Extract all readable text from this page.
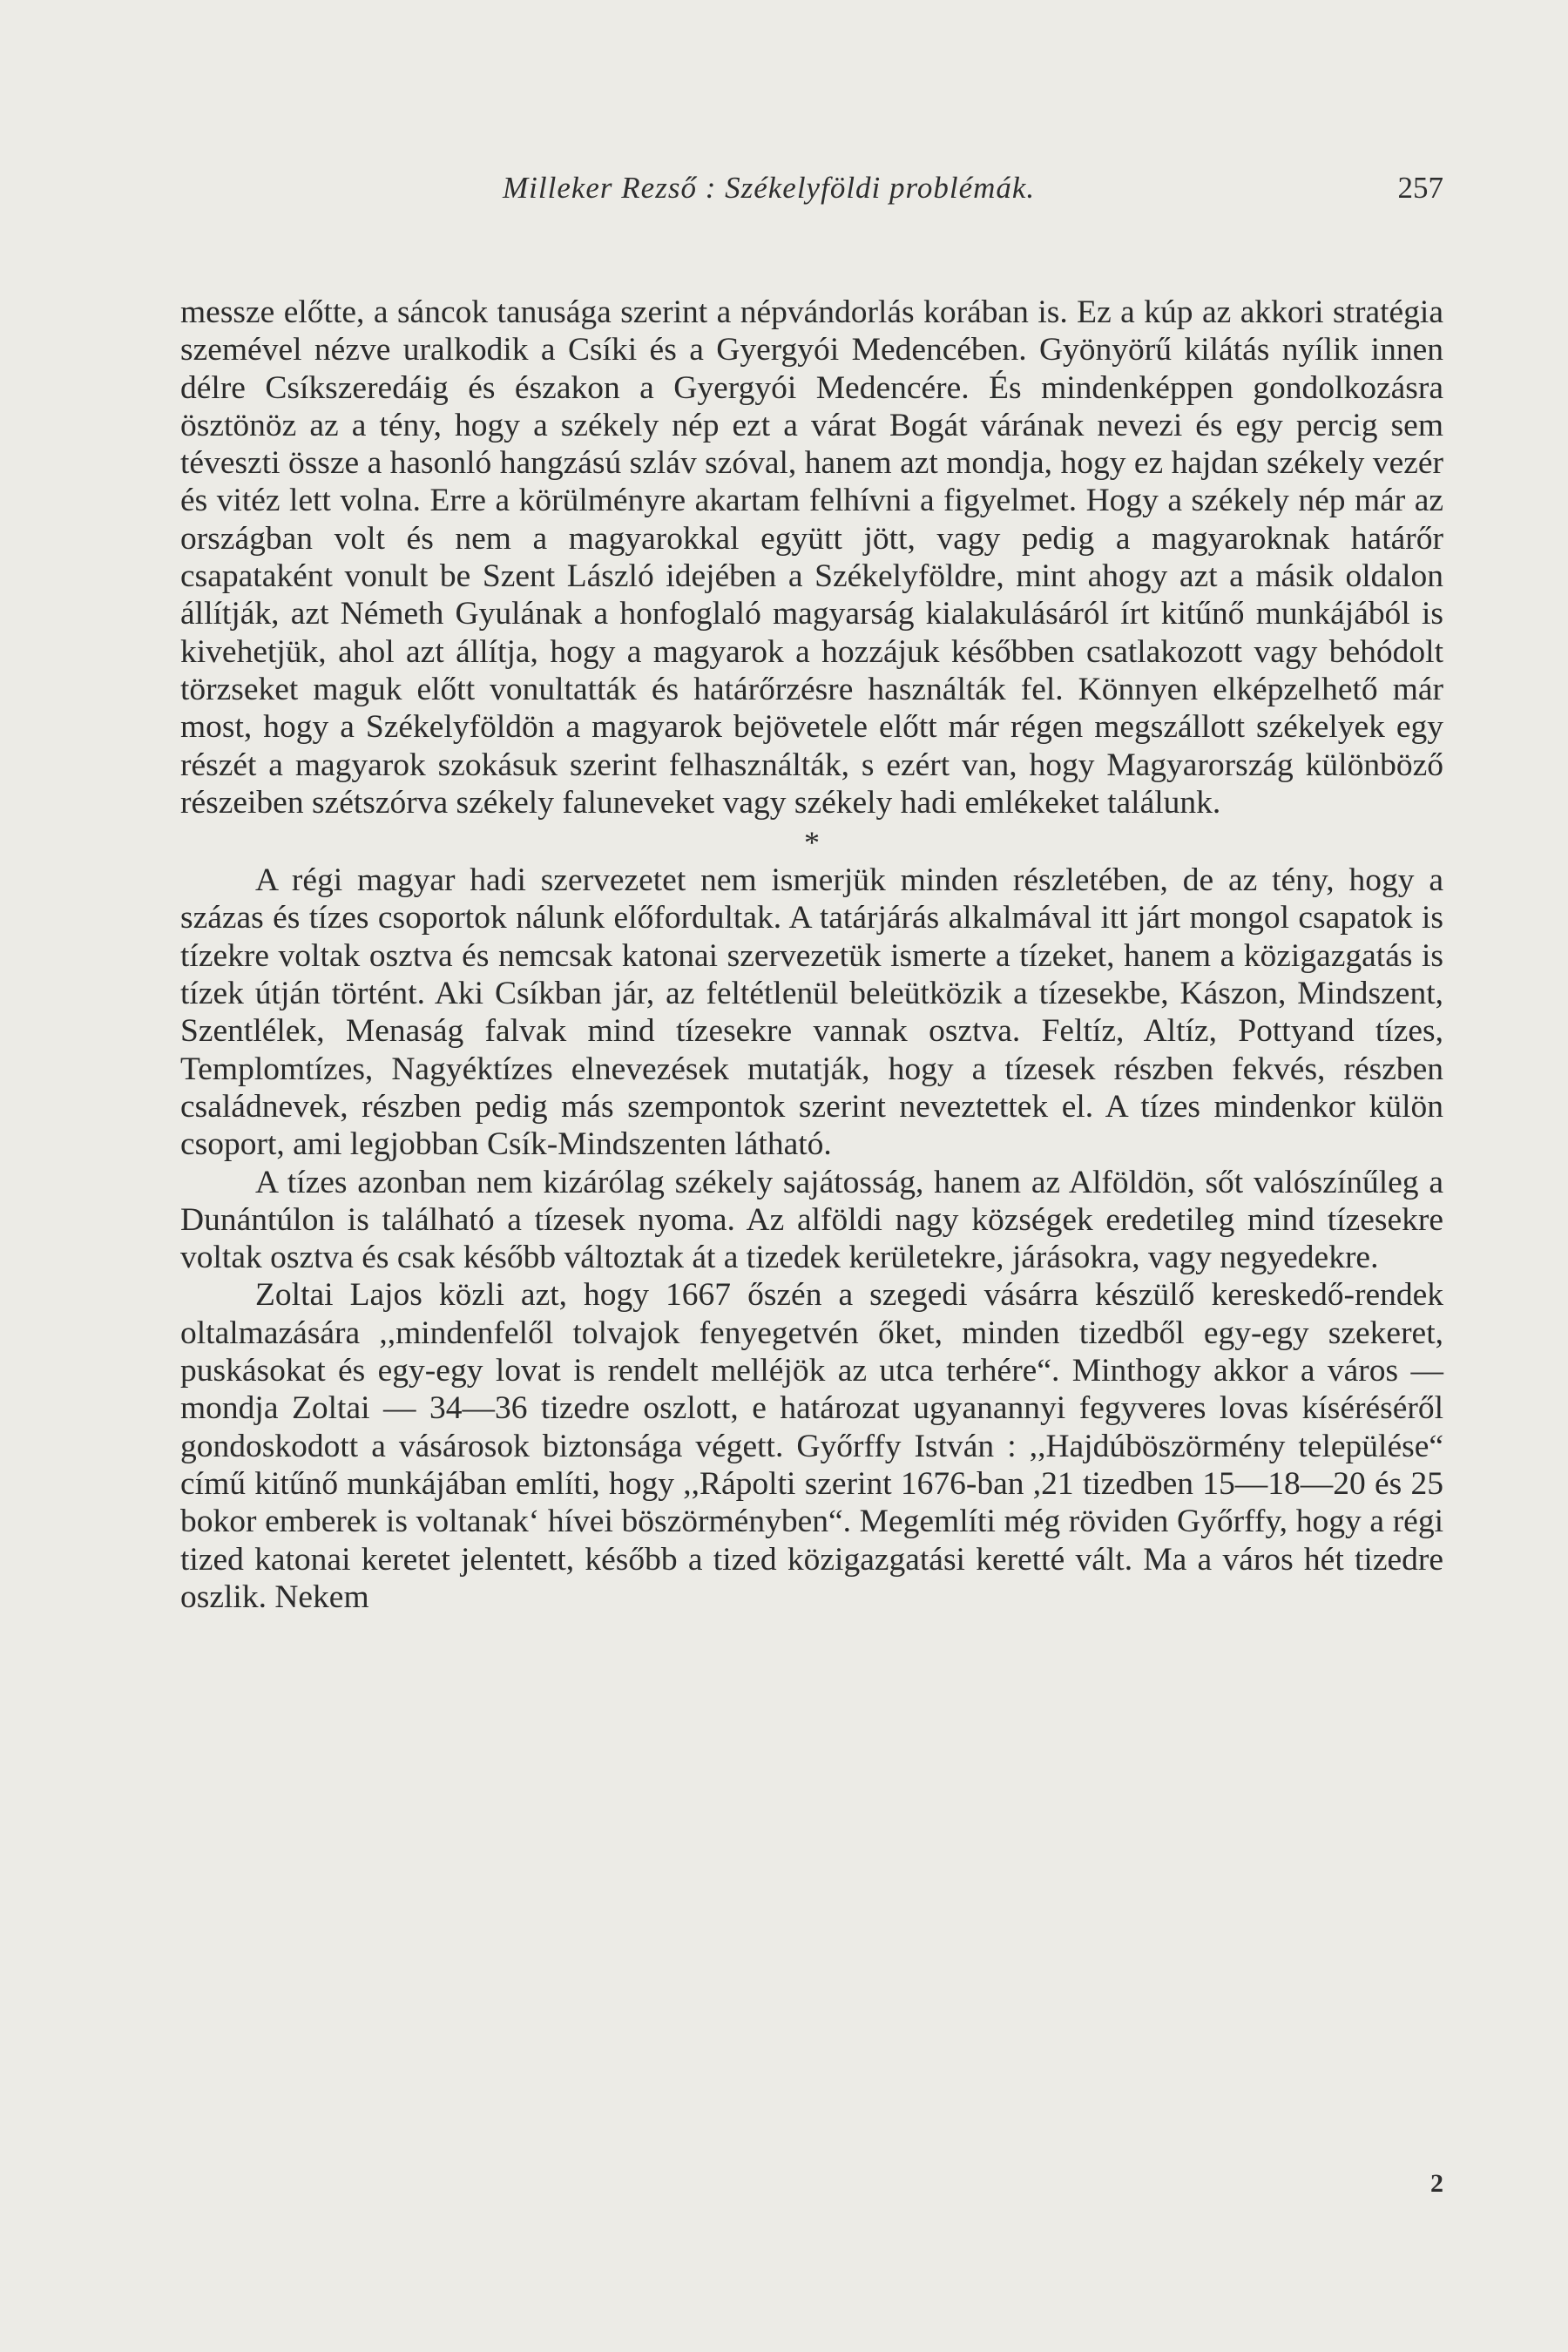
Milleker Rezső : Székelyföldi problémák.	257

messze előtte, a sáncok tanusága szerint a népvándorlás korában is. Ez a kúp az akkori stratégia szemével nézve uralkodik a Csíki és a Gyergyói Medencében. Gyönyörű kilátás nyílik innen délre Csíkszeredáig és északon a Gyergyói Medencére. És mindenképpen gondolkozásra ösztönöz az a tény, hogy a székely nép ezt a várat Bogát várának nevezi és egy percig sem téveszti össze a hasonló hangzású szláv szóval, hanem azt mondja, hogy ez hajdan székely vezér és vitéz lett volna. Erre a körülményre akartam felhívni a figyelmet. Hogy a székely nép már az országban volt és nem a magyarokkal együtt jött, vagy pedig a magyaroknak határőr csapataként vonult be Szent László idejében a Székelyföldre, mint ahogy azt a másik oldalon állítják, azt Németh Gyulának a honfoglaló magyarság kialakulásáról írt kitűnő munkájából is kivehetjük, ahol azt állítja, hogy a magyarok a hozzájuk későbben csatlakozott vagy behódolt törzseket maguk előtt vonultatták és határőrzésre használták fel. Könnyen elképzelhető már most, hogy a Székelyföldön a magyarok bejövetele előtt már régen megszállott székelyek egy részét a magyarok szokásuk szerint felhasználták, s ezért van, hogy Magyarország különböző részeiben szétszórva székely faluneveket vagy székely hadi emlékeket találunk.

*

A régi magyar hadi szervezetet nem ismerjük minden részletében, de az tény, hogy a százas és tízes csoportok nálunk előfordultak. A tatárjárás alkalmával itt járt mongol csapatok is tízekre voltak osztva és nemcsak katonai szervezetük ismerte a tízeket, hanem a közigazgatás is tízek útján történt. Aki Csíkban jár, az feltétlenül beleütközik a tízesekbe, Kászon, Mindszent, Szentlélek, Menaság falvak mind tízesekre vannak osztva. Feltíz, Altíz, Pottyand tízes, Templomtízes, Nagyéktízes elnevezések mutatják, hogy a tízesek részben fekvés, részben családnevek, részben pedig más szempontok szerint neveztettek el. A tízes mindenkor külön csoport, ami legjobban Csík-Mindszenten látható.

A tízes azonban nem kizárólag székely sajátosság, hanem az Alföldön, sőt valószínűleg a Dunántúlon is található a tízesek nyoma. Az alföldi nagy községek eredetileg mind tízesekre voltak osztva és csak később változtak át a tizedek kerületekre, járásokra, vagy negyedekre.

Zoltai Lajos közli azt, hogy 1667 őszén a szegedi vásárra készülő kereskedő-rendek oltalmazására ,,mindenfelől tolvajok fenyegetvén őket, minden tizedből egy-egy szekeret, puskásokat és egy-egy lovat is rendelt melléjök az utca terhére“. Minthogy akkor a város — mondja Zoltai — 34—36 tizedre oszlott, e határozat ugyanannyi fegyveres lovas kíséréséről gondoskodott a vásárosok biztonsága végett. Győrffy István : ,,Hajdúböszörmény települése“ című kitűnő munkájában említi, hogy ,,Rápolti szerint 1676-ban ,21 tizedben 15—18—20 és 25 bokor emberek is voltanak‘ hívei böszörményben“. Megemlíti még röviden Győrffy, hogy a régi tized katonai keretet jelentett, később a tized közigazgatási keretté vált. Ma a város hét tizedre oszlik. Nekem

2
